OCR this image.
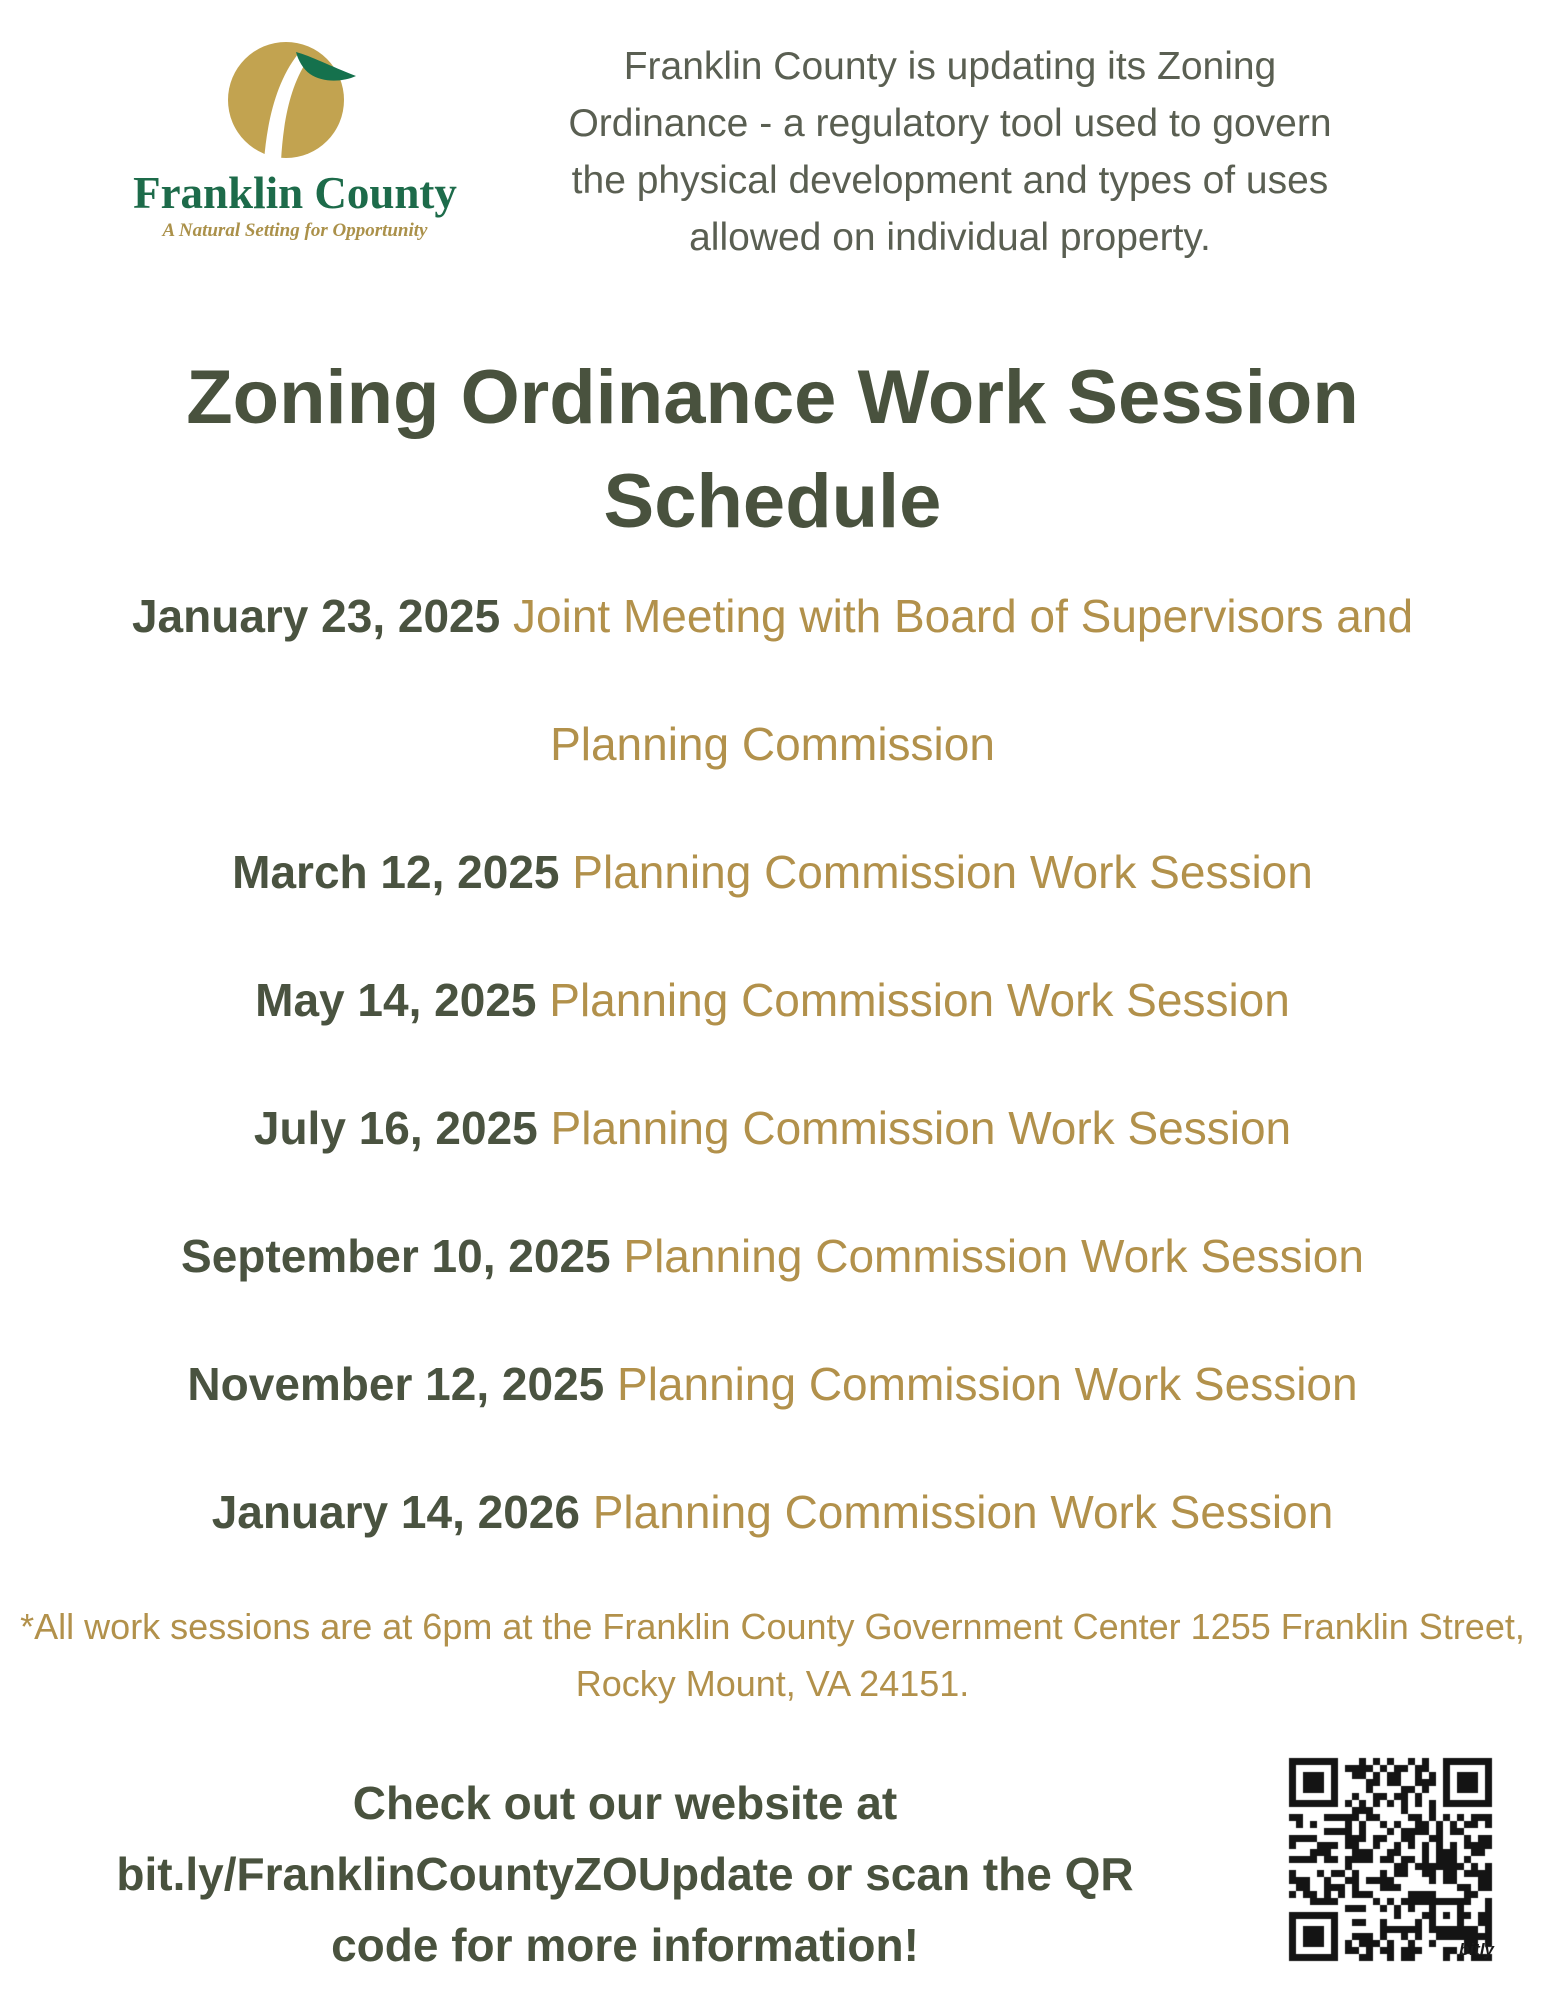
Franklin County
A Natural Setting for Opportunity
Franklin County is updating its Zoning
Ordinance - a regulatory tool used to govern
the physical development and types of uses
allowed on individual property.
Zoning Ordinance Work Session
Schedule
January 23, 2025 Joint Meeting with Board of Supervisors and
Planning Commission
March 12, 2025 Planning Commission Work Session
May 14, 2025 Planning Commission Work Session
July 16, 2025 Planning Commission Work Session
September 10, 2025 Planning Commission Work Session
November 12, 2025 Planning Commission Work Session
January 14, 2026 Planning Commission Work Session
*All work sessions are at 6pm at the Franklin County Government Center 1255 Franklin Street,
Rocky Mount, VA 24151.
Check out our website at
bit.ly/FranklinCountyZOUpdate or scan the QR
code for more information!	bitly
